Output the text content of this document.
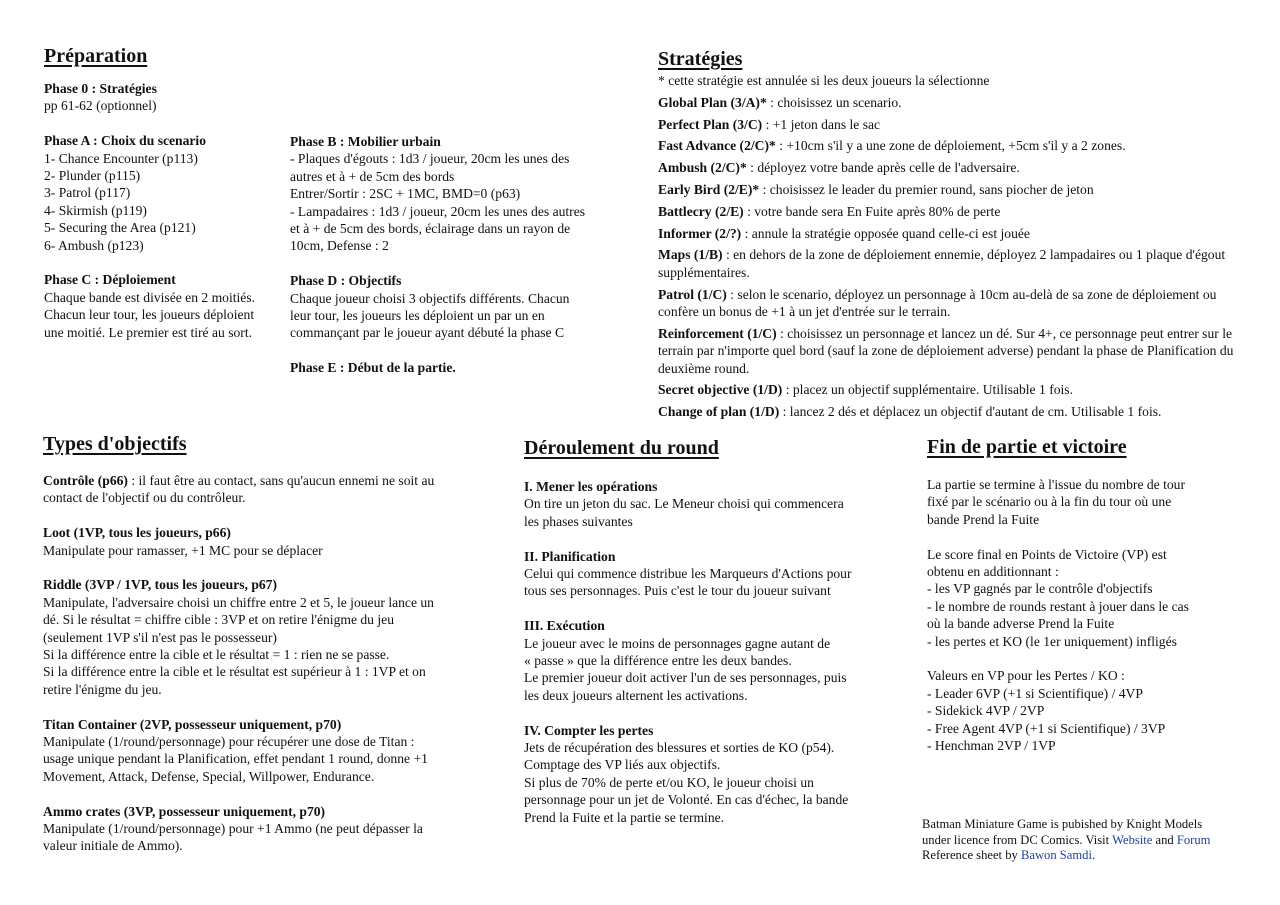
Préparation

Phase 0 : Stratégies

pp 61-62 (optionnel)

Phase A : Choix du scenario

1- Chance Encounter (p113)

2- Plunder (p115)

3- Patrol (p117)

4- Skirmish (p119)

5- Securing the Area (p121)

6- Ambush (p123)

Phase C : Déploiement

Chaque bande est divisée en 2 moitiés.

Chacun leur tour, les joueurs déploient

une moitié. Le premier est tiré au sort.

Phase B : Mobilier urbain

- Plaques d'égouts : 1d3 / joueur, 20cm les unes des

autres et à + de 5cm des bords

Entrer/Sortir : 2SC + 1MC, BMD=0 (p63)

- Lampadaires : 1d3 / joueur, 20cm les unes des autres

et à + de 5cm des bords, éclairage dans un rayon de

10cm, Defense : 2

Phase D : Objectifs

Chaque joueur choisi 3 objectifs différents. Chacun

leur tour, les joueurs les déploient un par un en

commançant par le joueur ayant débuté la phase C

Phase E : Début de la partie.

Stratégies

* cette stratégie est annulée si les deux joueurs la sélectionne

Global Plan (3/A)* : choisissez un scenario.

Perfect Plan (3/C) : +1 jeton dans le sac

Fast Advance (2/C)* : +10cm s'il y a une zone de déploiement, +5cm s'il y a 2 zones.

Ambush (2/C)* : déployez votre bande après celle de l'adversaire.

Early Bird (2/E)* : choisissez le leader du premier round, sans piocher de jeton

Battlecry (2/E) : votre bande sera En Fuite après 80% de perte

Informer (2/?) : annule la stratégie opposée quand celle-ci est jouée

Maps (1/B) : en dehors de la zone de déploiement ennemie, déployez 2 lampadaires ou 1 plaque d'égout supplémentaires.

Patrol (1/C) : selon le scenario, déployez un personnage à 10cm au-delà de sa zone de déploiement ou confère un bonus de +1 à un jet d'entrée sur le terrain.

Reinforcement (1/C) : choisissez un personnage et lancez un dé. Sur 4+, ce personnage peut entrer sur le terrain par n'importe quel bord (sauf la zone de déploiement adverse) pendant la phase de Planification du deuxième round.

Secret objective (1/D) : placez un objectif supplémentaire. Utilisable 1 fois.

Change of plan (1/D) : lancez 2 dés et déplacez un objectif d'autant de cm. Utilisable 1 fois.

Types d'objectifs

Contrôle (p66) : il faut être au contact, sans qu'aucun ennemi ne soit au

contact de l'objectif ou du contrôleur.

Loot (1VP, tous les joueurs, p66)

Manipulate pour ramasser, +1 MC pour se déplacer

Riddle (3VP / 1VP, tous les joueurs, p67)

Manipulate, l'adversaire choisi un chiffre entre 2 et 5, le joueur lance un

dé. Si le résultat = chiffre cible : 3VP et on retire l'énigme du jeu

(seulement 1VP s'il n'est pas le possesseur)

Si la différence entre la cible et le résultat = 1 : rien ne se passe.

Si la différence entre la cible et le résultat est supérieur à 1 : 1VP et on

retire l'énigme du jeu.

Titan Container (2VP, possesseur uniquement, p70)

Manipulate (1/round/personnage) pour récupérer une dose de Titan :

usage unique pendant la Planification, effet pendant 1 round, donne +1

Movement, Attack, Defense, Special, Willpower, Endurance.

Ammo crates (3VP, possesseur uniquement, p70)

Manipulate (1/round/personnage) pour +1 Ammo (ne peut dépasser la

valeur initiale de Ammo).

Déroulement du round

I. Mener les opérations

On tire un jeton du sac. Le Meneur choisi qui commencera

les phases suivantes

II. Planification

Celui qui commence distribue les Marqueurs d'Actions pour

tous ses personnages. Puis c'est le tour du joueur suivant

III. Exécution

Le joueur avec le moins de personnages gagne autant de

« passe » que la différence entre les deux bandes.

Le premier joueur doit activer l'un de ses personnages, puis

les deux joueurs alternent les activations.

IV. Compter les pertes

Jets de récupération des blessures et sorties de KO (p54).

Comptage des VP liés aux objectifs.

Si plus de 70% de perte et/ou KO, le joueur choisi un

personnage pour un jet de Volonté. En cas d'échec, la bande

Prend la Fuite et la partie se termine.

Fin de partie et victoire

La partie se termine à l'issue du nombre de tour

fixé par le scénario ou à la fin du tour où une

bande Prend la Fuite

Le score final en Points de Victoire (VP) est

obtenu en additionnant :

- les VP gagnés par le contrôle d'objectifs

- le nombre de rounds restant à jouer dans le cas

où la bande adverse Prend la Fuite

- les pertes et KO (le 1er uniquement) infligés

Valeurs en VP pour les Pertes / KO :

- Leader 6VP (+1 si Scientifique) / 4VP

- Sidekick 4VP / 2VP

- Free Agent 4VP (+1 si Scientifique) / 3VP

- Henchman 2VP / 1VP

Batman Miniature Game is pubished by Knight Models

under licence from DC Comics. Visit Website and Forum

Reference sheet by Bawon Samdi.
